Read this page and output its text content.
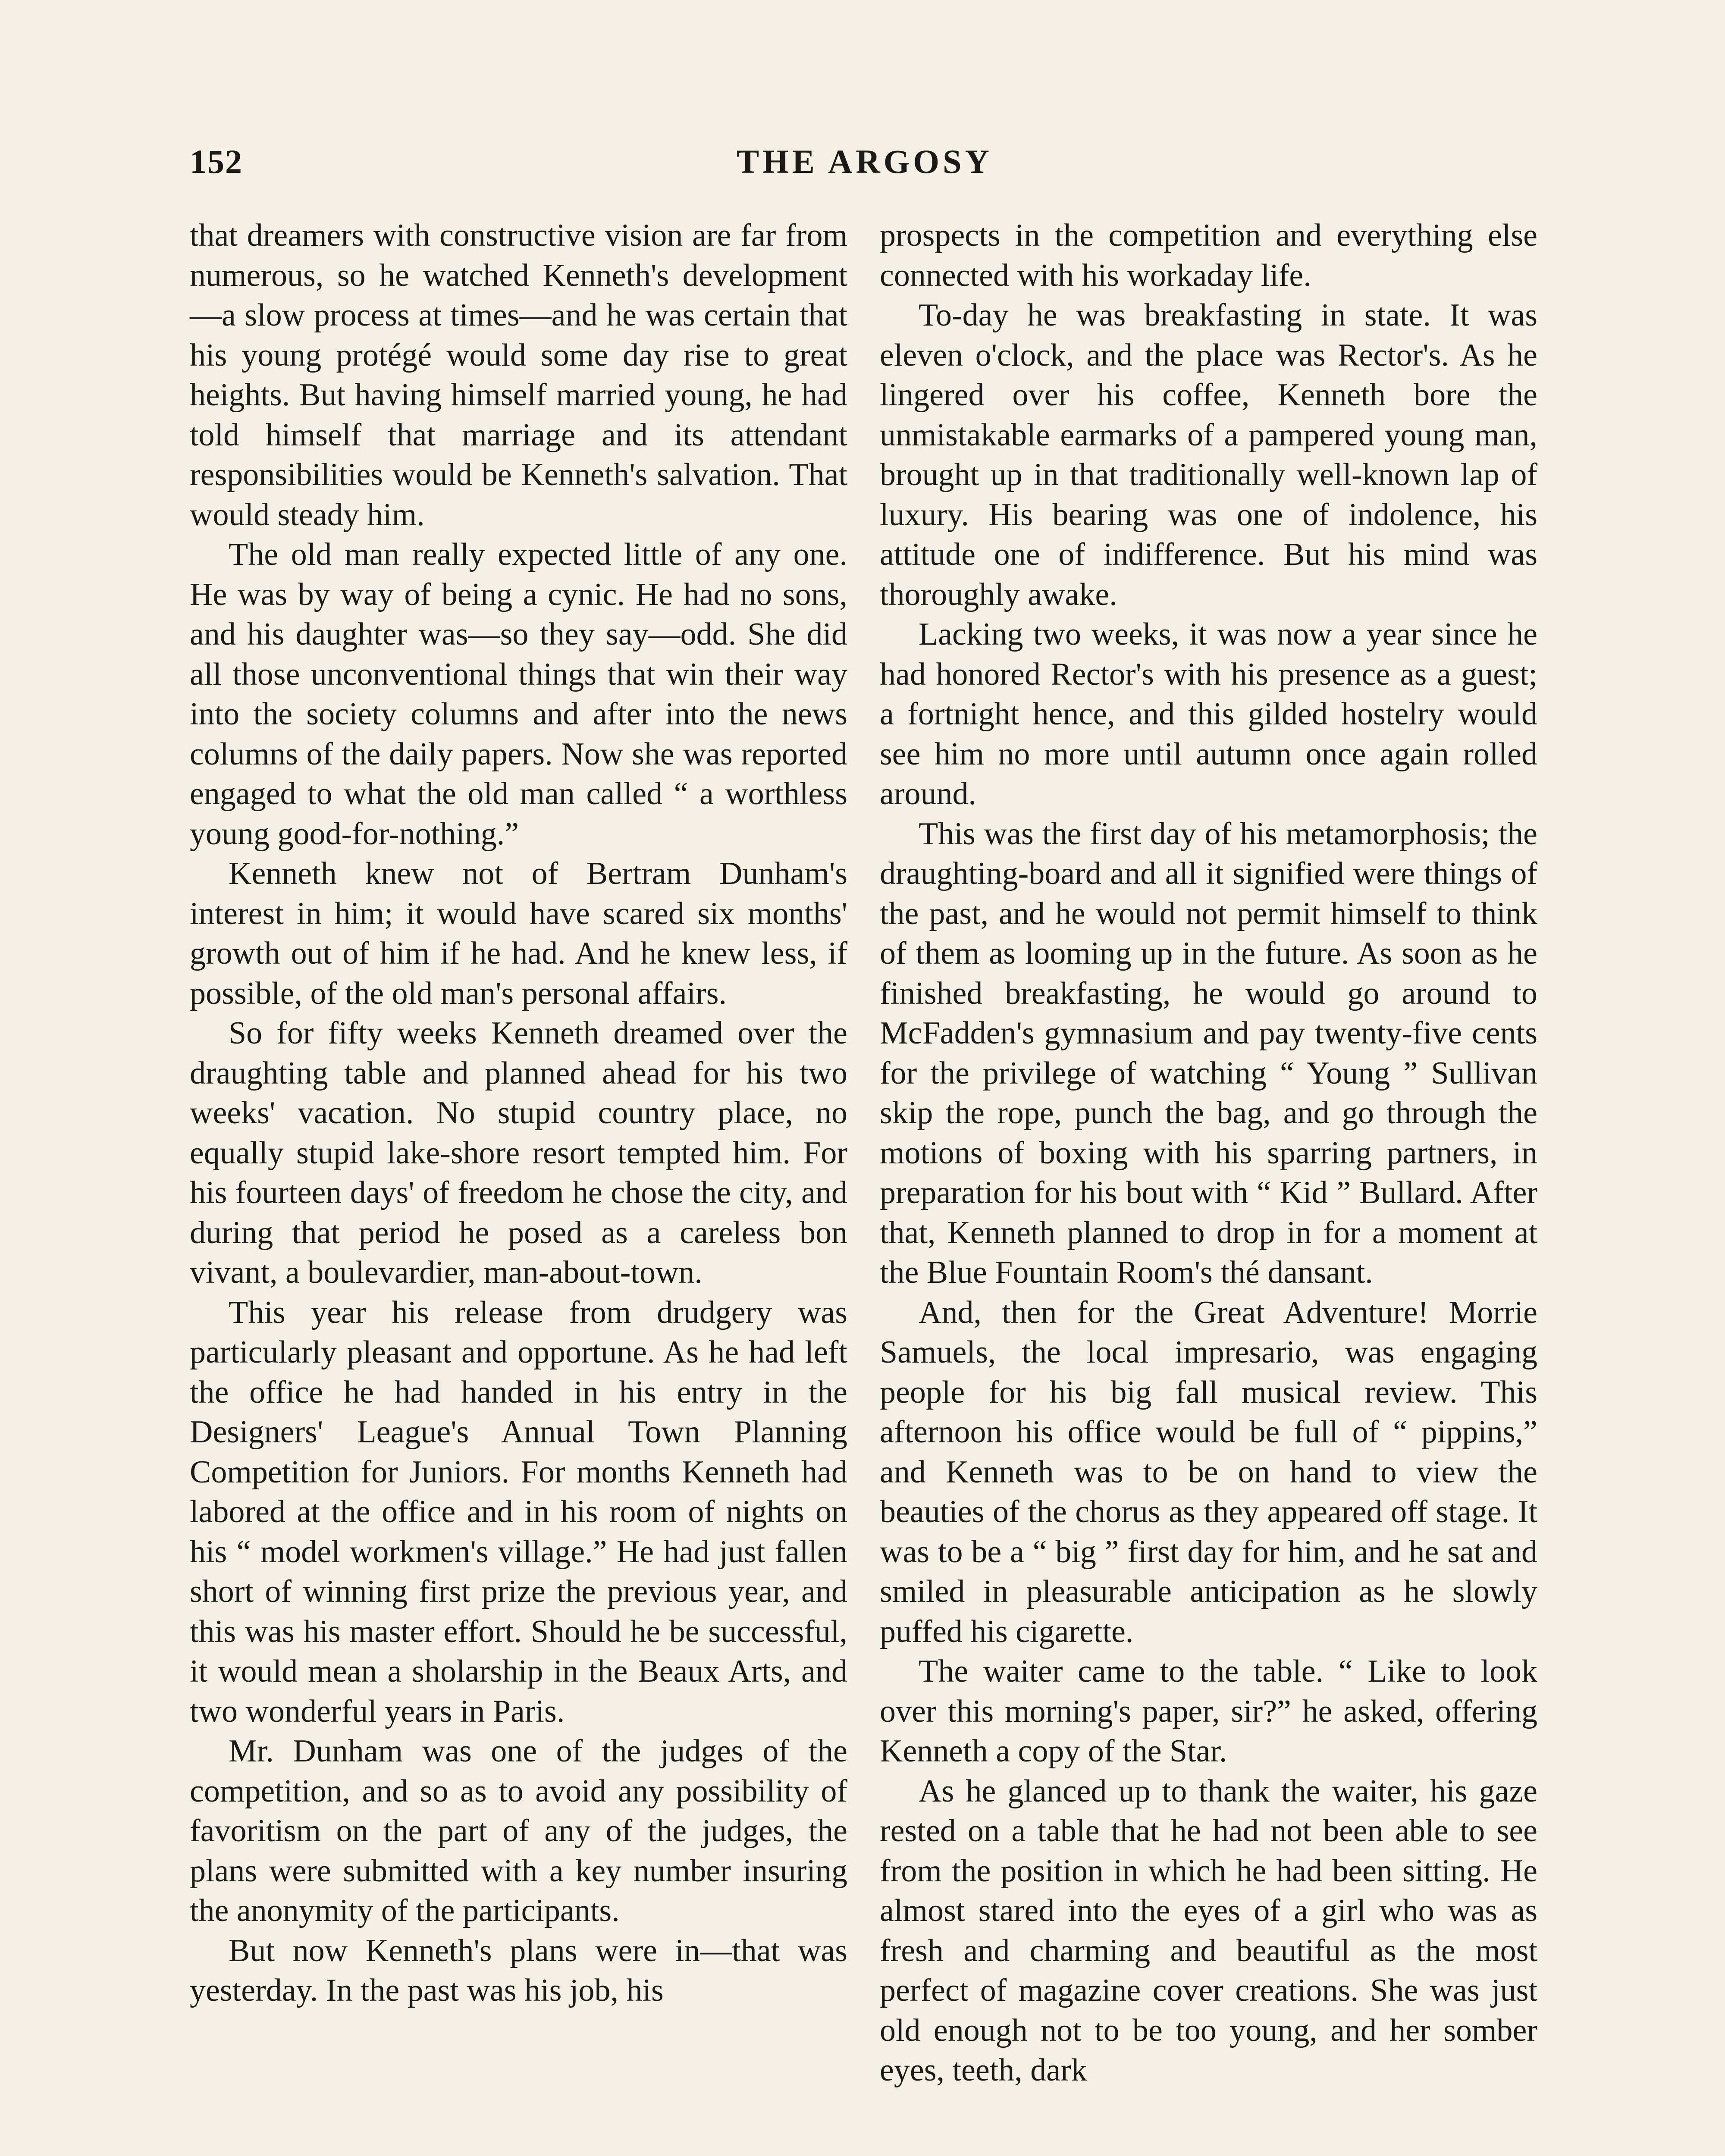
152	THE ARGOSY

that dreamers with constructive vision are far from numerous, so he watched Kenneth's development—a slow process at times—and he was certain that his young protégé would some day rise to great heights. But having himself married young, he had told himself that marriage and its attendant responsibilities would be Kenneth's salvation. That would steady him.

The old man really expected little of any one. He was by way of being a cynic. He had no sons, and his daughter was—so they say—odd. She did all those unconventional things that win their way into the society columns and after into the news columns of the daily papers. Now she was reported engaged to what the old man called “ a worthless young good-for-nothing.”

Kenneth knew not of Bertram Dunham's interest in him; it would have scared six months' growth out of him if he had. And he knew less, if possible, of the old man's personal affairs.

So for fifty weeks Kenneth dreamed over the draughting table and planned ahead for his two weeks' vacation. No stupid country place, no equally stupid lake-shore resort tempted him. For his fourteen days' of freedom he chose the city, and during that period he posed as a careless bon vivant, a boulevardier, man-about-town.

This year his release from drudgery was particularly pleasant and opportune. As he had left the office he had handed in his entry in the Designers' League's Annual Town Planning Competition for Juniors. For months Kenneth had labored at the office and in his room of nights on his “ model workmen's village.” He had just fallen short of winning first prize the previous year, and this was his master effort. Should he be successful, it would mean a sholarship in the Beaux Arts, and two wonderful years in Paris.

Mr. Dunham was one of the judges of the competition, and so as to avoid any possibility of favoritism on the part of any of the judges, the plans were submitted with a key number insuring the anonymity of the participants.

But now Kenneth's plans were in—that was yesterday. In the past was his job, his

prospects in the competition and everything else connected with his workaday life.

To-day he was breakfasting in state. It was eleven o'clock, and the place was Rector's. As he lingered over his coffee, Kenneth bore the unmistakable earmarks of a pampered young man, brought up in that traditionally well-known lap of luxury. His bearing was one of indolence, his attitude one of indifference. But his mind was thoroughly awake.

Lacking two weeks, it was now a year since he had honored Rector's with his presence as a guest; a fortnight hence, and this gilded hostelry would see him no more until autumn once again rolled around.

This was the first day of his metamorphosis; the draughting-board and all it signified were things of the past, and he would not permit himself to think of them as looming up in the future. As soon as he finished breakfasting, he would go around to McFadden's gymnasium and pay twenty-five cents for the privilege of watching “ Young ” Sullivan skip the rope, punch the bag, and go through the motions of boxing with his sparring partners, in preparation for his bout with “ Kid ” Bullard. After that, Kenneth planned to drop in for a moment at the Blue Fountain Room's thé dansant.

And, then for the Great Adventure! Morrie Samuels, the local impresario, was engaging people for his big fall musical review. This afternoon his office would be full of “ pippins,” and Kenneth was to be on hand to view the beauties of the chorus as they appeared off stage. It was to be a “ big ” first day for him, and he sat and smiled in pleasurable anticipation as he slowly puffed his cigarette.

The waiter came to the table. “ Like to look over this morning's paper, sir?” he asked, offering Kenneth a copy of the Star.

As he glanced up to thank the waiter, his gaze rested on a table that he had not been able to see from the position in which he had been sitting. He almost stared into the eyes of a girl who was as fresh and charming and beautiful as the most perfect of magazine cover creations. She was just old enough not to be too young, and her somber eyes, teeth, dark
